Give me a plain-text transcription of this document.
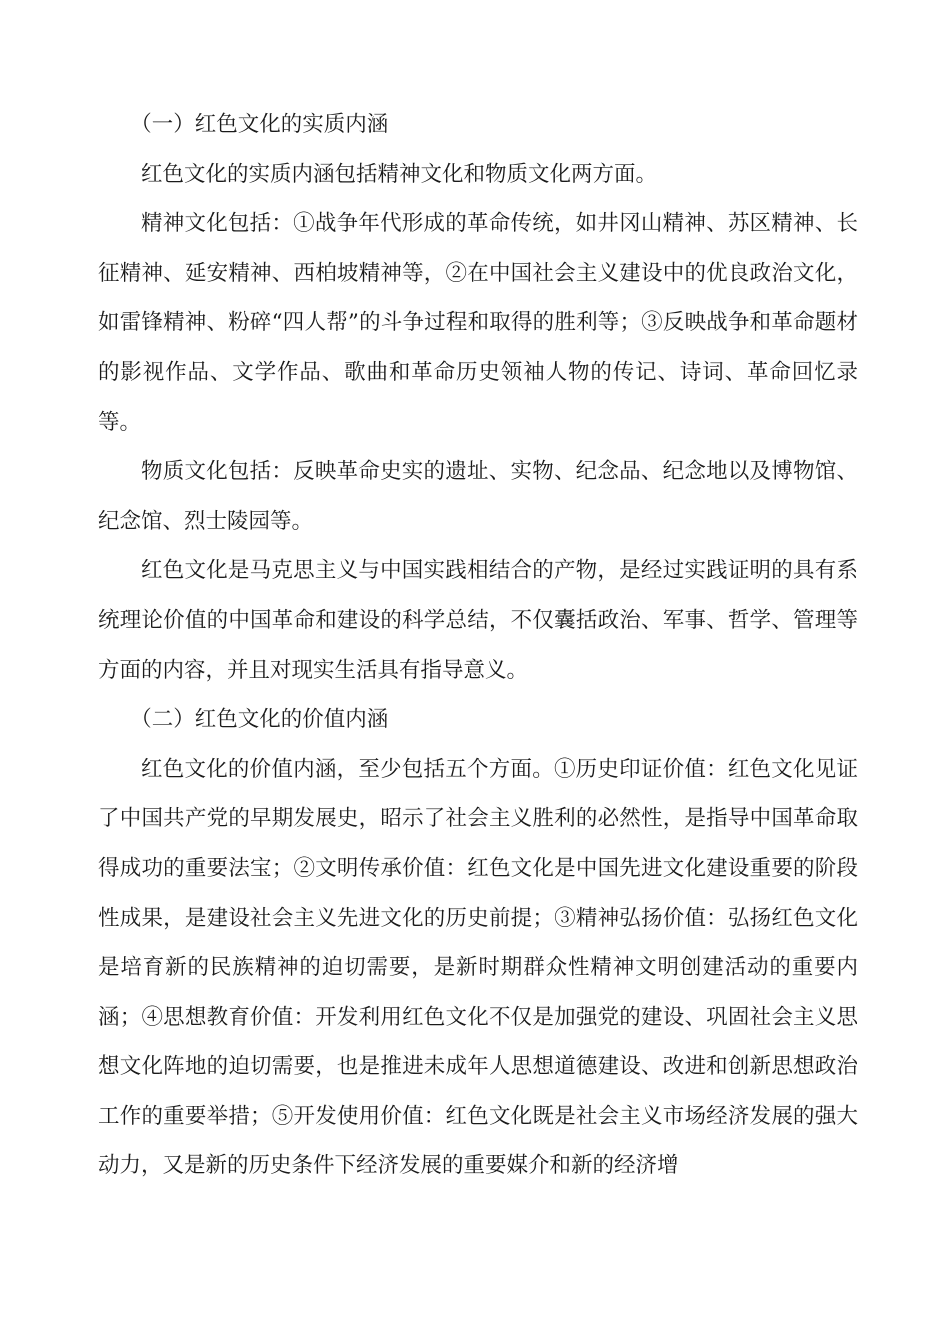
（一）红色文化的实质内涵

红色文化的实质内涵包括精神文化和物质文化两方面。

精神文化包括：①战争年代形成的革命传统，如井冈山精神、苏区精神、长征精神、延安精神、西柏坡精神等，②在中国社会主义建设中的优良政治文化，如雷锋精神、粉碎“四人帮”的斗争过程和取得的胜利等；③反映战争和革命题材的影视作品、文学作品、歌曲和革命历史领袖人物的传记、诗词、革命回忆录等。

物质文化包括：反映革命史实的遗址、实物、纪念品、纪念地以及博物馆、纪念馆、烈士陵园等。

红色文化是马克思主义与中国实践相结合的产物，是经过实践证明的具有系统理论价值的中国革命和建设的科学总结，不仅囊括政治、军事、哲学、管理等方面的内容，并且对现实生活具有指导意义。

（二）红色文化的价值内涵

红色文化的价值内涵，至少包括五个方面。①历史印证价值：红色文化见证了中国共产党的早期发展史，昭示了社会主义胜利的必然性，是指导中国革命取得成功的重要法宝；②文明传承价值：红色文化是中国先进文化建设重要的阶段性成果，是建设社会主义先进文化的历史前提；③精神弘扬价值：弘扬红色文化是培育新的民族精神的迫切需要，是新时期群众性精神文明创建活动的重要内涵；④思想教育价值：开发利用红色文化不仅是加强党的建设、巩固社会主义思想文化阵地的迫切需要，也是推进未成年人思想道德建设、改进和创新思想政治工作的重要举措；⑤开发使用价值：红色文化既是社会主义市场经济发展的强大动力，又是新的历史条件下经济发展的重要媒介和新的经济增
